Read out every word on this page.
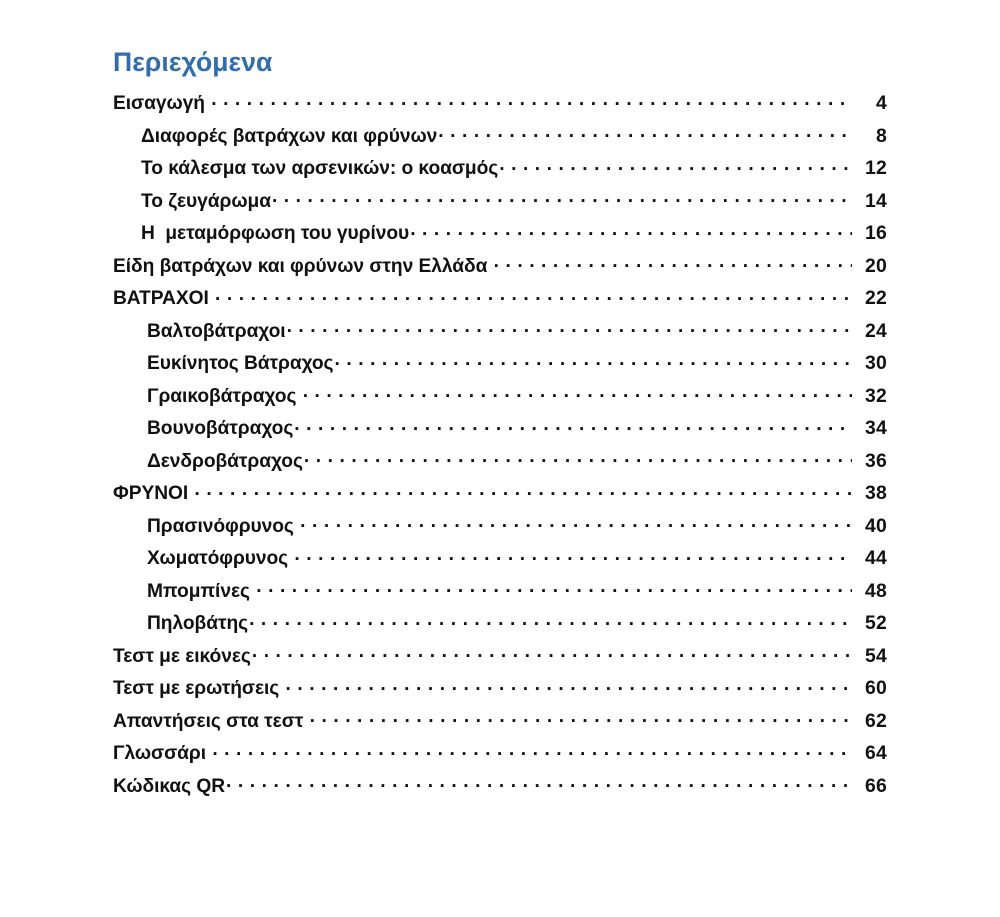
Περιεχόμενα
Εισαγωγή . . .	4
Διαφορές βατράχων και φρύνων . . .	8
Το κάλεσμα των αρσενικών: ο κοασμός . . .	12
Το ζευγάρωμα . . .	14
Η  μεταμόρφωση του γυρίνου . . .	16
Είδη βατράχων και φρύνων στην Ελλάδα . . .	20
ΒΑΤΡΑΧΟΙ . . .	22
Βαλτοβάτραχοι . . .	24
Ευκίνητος Βάτραχος . . .	30
Γραικοβάτραχος . . .	32
Βουνοβάτραχος . . .	34
Δενδροβάτραχος . . .	36
ΦΡΥΝΟΙ . . .	38
Πρασινόφρυνος . . .	40
Χωματόφρυνος . . .	44
Μπομπίνες . . .	48
Πηλοβάτης . . .	52
Τεστ με εικόνες . . .	54
Τεστ με ερωτήσεις . . .	60
Απαντήσεις στα τεστ . . .	62
Γλωσσάρι . . .	64
Κώδικας QR . . .	66
